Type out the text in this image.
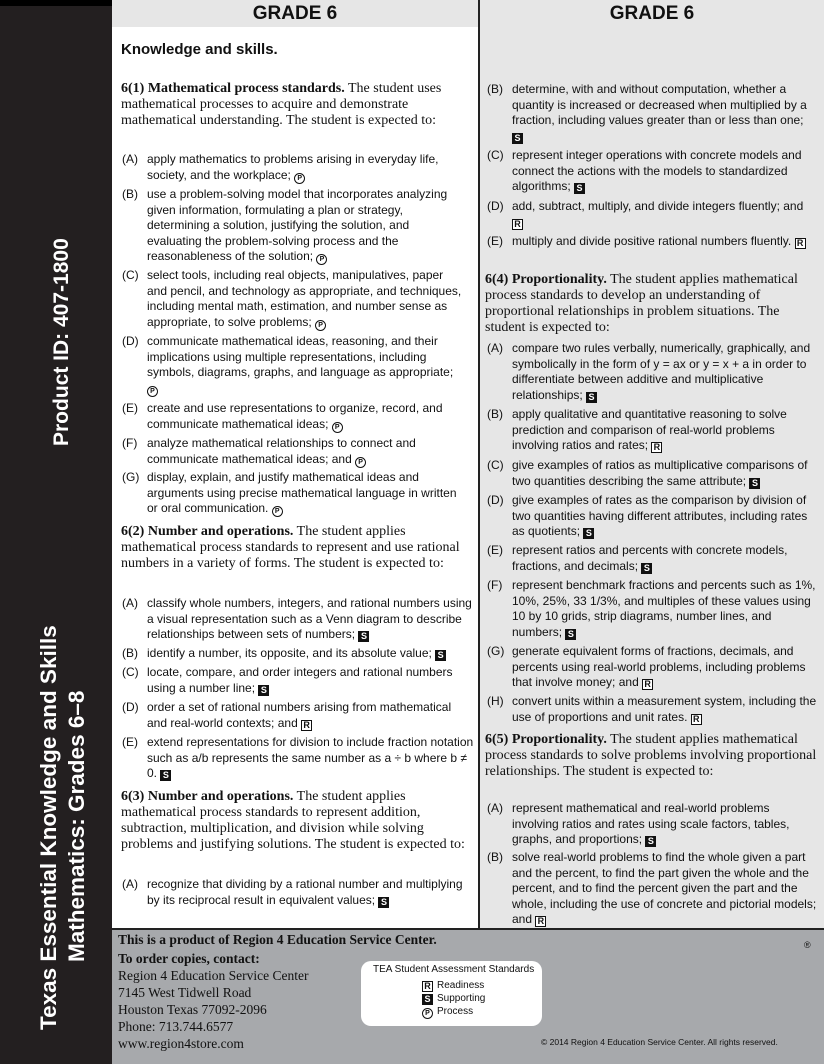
Product ID: 407-1800
Texas Essential Knowledge and Skills Mathematics: Grades 6–8
GRADE 6	GRADE 6
Knowledge and skills.
6(1) Mathematical process standards. The student uses mathematical processes to acquire and demonstrate mathematical understanding. The student is expected to:
(A) apply mathematics to problems arising in everyday life, society, and the workplace; P
(B) use a problem-solving model that incorporates analyzing given information, formulating a plan or strategy, determining a solution, justifying the solution, and evaluating the problem-solving process and the reasonableness of the solution; P
(C) select tools, including real objects, manipulatives, paper and pencil, and technology as appropriate, and techniques, including mental math, estimation, and number sense as appropriate, to solve problems; P
(D) communicate mathematical ideas, reasoning, and their implications using multiple representations, including symbols, diagrams, graphs, and language as appropriate; P
(E) create and use representations to organize, record, and communicate mathematical ideas; P
(F) analyze mathematical relationships to connect and communicate mathematical ideas; and P
(G) display, explain, and justify mathematical ideas and arguments using precise mathematical language in written or oral communication. P
6(2) Number and operations. The student applies mathematical process standards to represent and use rational numbers in a variety of forms. The student is expected to:
(A) classify whole numbers, integers, and rational numbers using a visual representation such as a Venn diagram to describe relationships between sets of numbers; S
(B) identify a number, its opposite, and its absolute value; S
(C) locate, compare, and order integers and rational numbers using a number line; S
(D) order a set of rational numbers arising from mathematical and real-world contexts; and R
(E) extend representations for division to include fraction notation such as a/b represents the same number as a ÷ b where b ≠ 0. S
6(3) Number and operations. The student applies mathematical process standards to represent addition, subtraction, multiplication, and division while solving problems and justifying solutions. The student is expected to:
(A) recognize that dividing by a rational number and multiplying by its reciprocal result in equivalent values; S
(B) determine, with and without computation, whether a quantity is increased or decreased when multiplied by a fraction, including values greater than or less than one; S
(C) represent integer operations with concrete models and connect the actions with the models to standardized algorithms; S
(D) add, subtract, multiply, and divide integers fluently; and R
(E) multiply and divide positive rational numbers fluently. R
6(4) Proportionality. The student applies mathematical process standards to develop an understanding of proportional relationships in problem situations. The student is expected to:
(A) compare two rules verbally, numerically, graphically, and symbolically in the form of y = ax or y = x + a in order to differentiate between additive and multiplicative relationships; S
(B) apply qualitative and quantitative reasoning to solve prediction and comparison of real-world problems involving ratios and rates; R
(C) give examples of ratios as multiplicative comparisons of two quantities describing the same attribute; S
(D) give examples of rates as the comparison by division of two quantities having different attributes, including rates as quotients; S
(E) represent ratios and percents with concrete models, fractions, and decimals; S
(F) represent benchmark fractions and percents such as 1%, 10%, 25%, 33 1/3%, and multiples of these values using 10 by 10 grids, strip diagrams, number lines, and numbers; S
(G) generate equivalent forms of fractions, decimals, and percents using real-world problems, including problems that involve money; and R
(H) convert units within a measurement system, including the use of proportions and unit rates. R
6(5) Proportionality. The student applies mathematical process standards to solve problems involving proportional relationships. The student is expected to:
(A) represent mathematical and real-world problems involving ratios and rates using scale factors, tables, graphs, and proportions; S
(B) solve real-world problems to find the whole given a part and the percent, to find the part given the whole and the percent, and to find the percent given the part and the whole, including the use of concrete and pictorial models; and R
This is a product of Region 4 Education Service Center.
To order copies, contact:
Region 4 Education Service Center
7145 West Tidwell Road
Houston Texas 77092-2096
Phone: 713.744.6577
www.region4store.com
TEA Student Assessment Standards
R Readiness
S Supporting
P Process
®
© 2014 Region 4 Education Service Center. All rights reserved.
